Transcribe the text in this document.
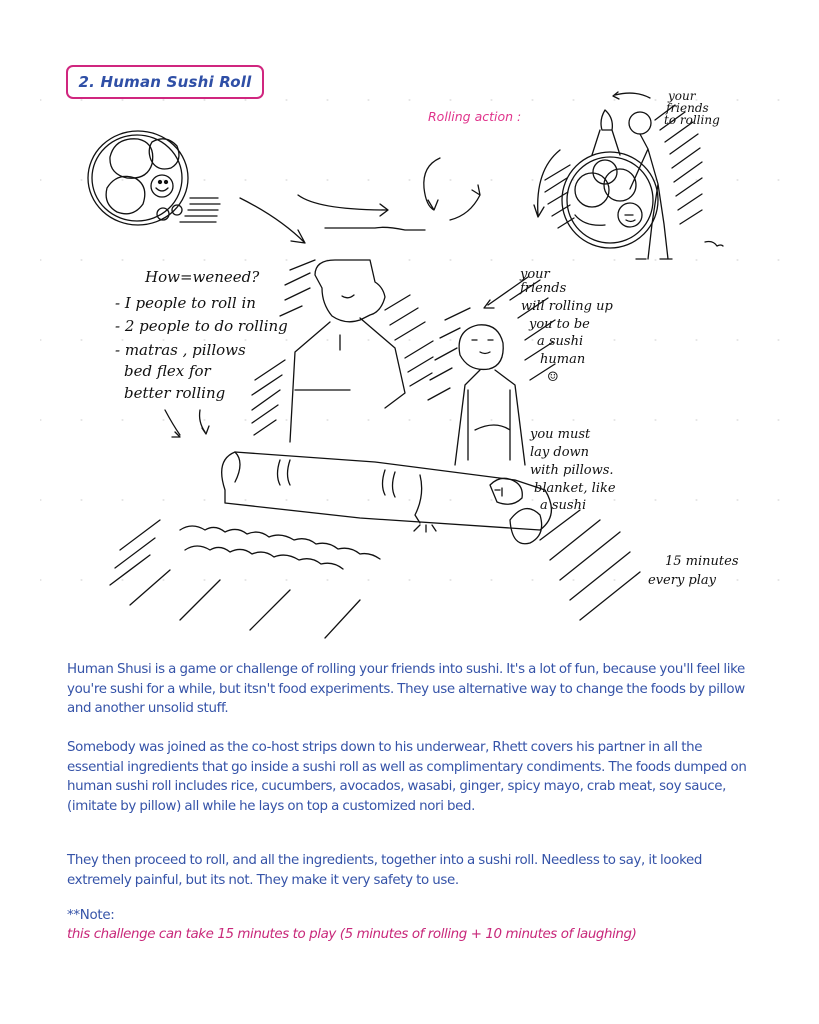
2. Human Sushi Roll
Rolling action :
your
friends
to rolling
How=weneed?
- I people to roll in
- 2 people to do rolling
- matras , pillows
bed flex for
better rolling
your
friends
will rolling up
you to be
a sushi
human
☺
you must
lay down
with pillows.
blanket, like
a sushi
15 minutes
every play

Human Shusi is a game or challenge of rolling your friends into sushi. It's a lot of fun, because you'll feel like you're sushi for a while, but itsn't food experiments. They use alternative way to change the foods by pillow and another unsolid stuff.

Somebody was joined as the co-host strips down to his underwear, Rhett covers his partner in all the essential ingredients that go inside a sushi roll as well as complimentary condiments. The foods dumped on human sushi roll includes rice, cucumbers, avocados, wasabi, ginger, spicy mayo, crab meat, soy sauce, (imitate by pillow) all while he lays on top a customized nori bed.

They then proceed to roll, and all the ingredients, together into a sushi roll. Needless to say, it looked extremely painful, but its not. They make it very safety to use.

**Note:
this challenge can take 15 minutes to play (5 minutes of rolling + 10 minutes of laughing)
